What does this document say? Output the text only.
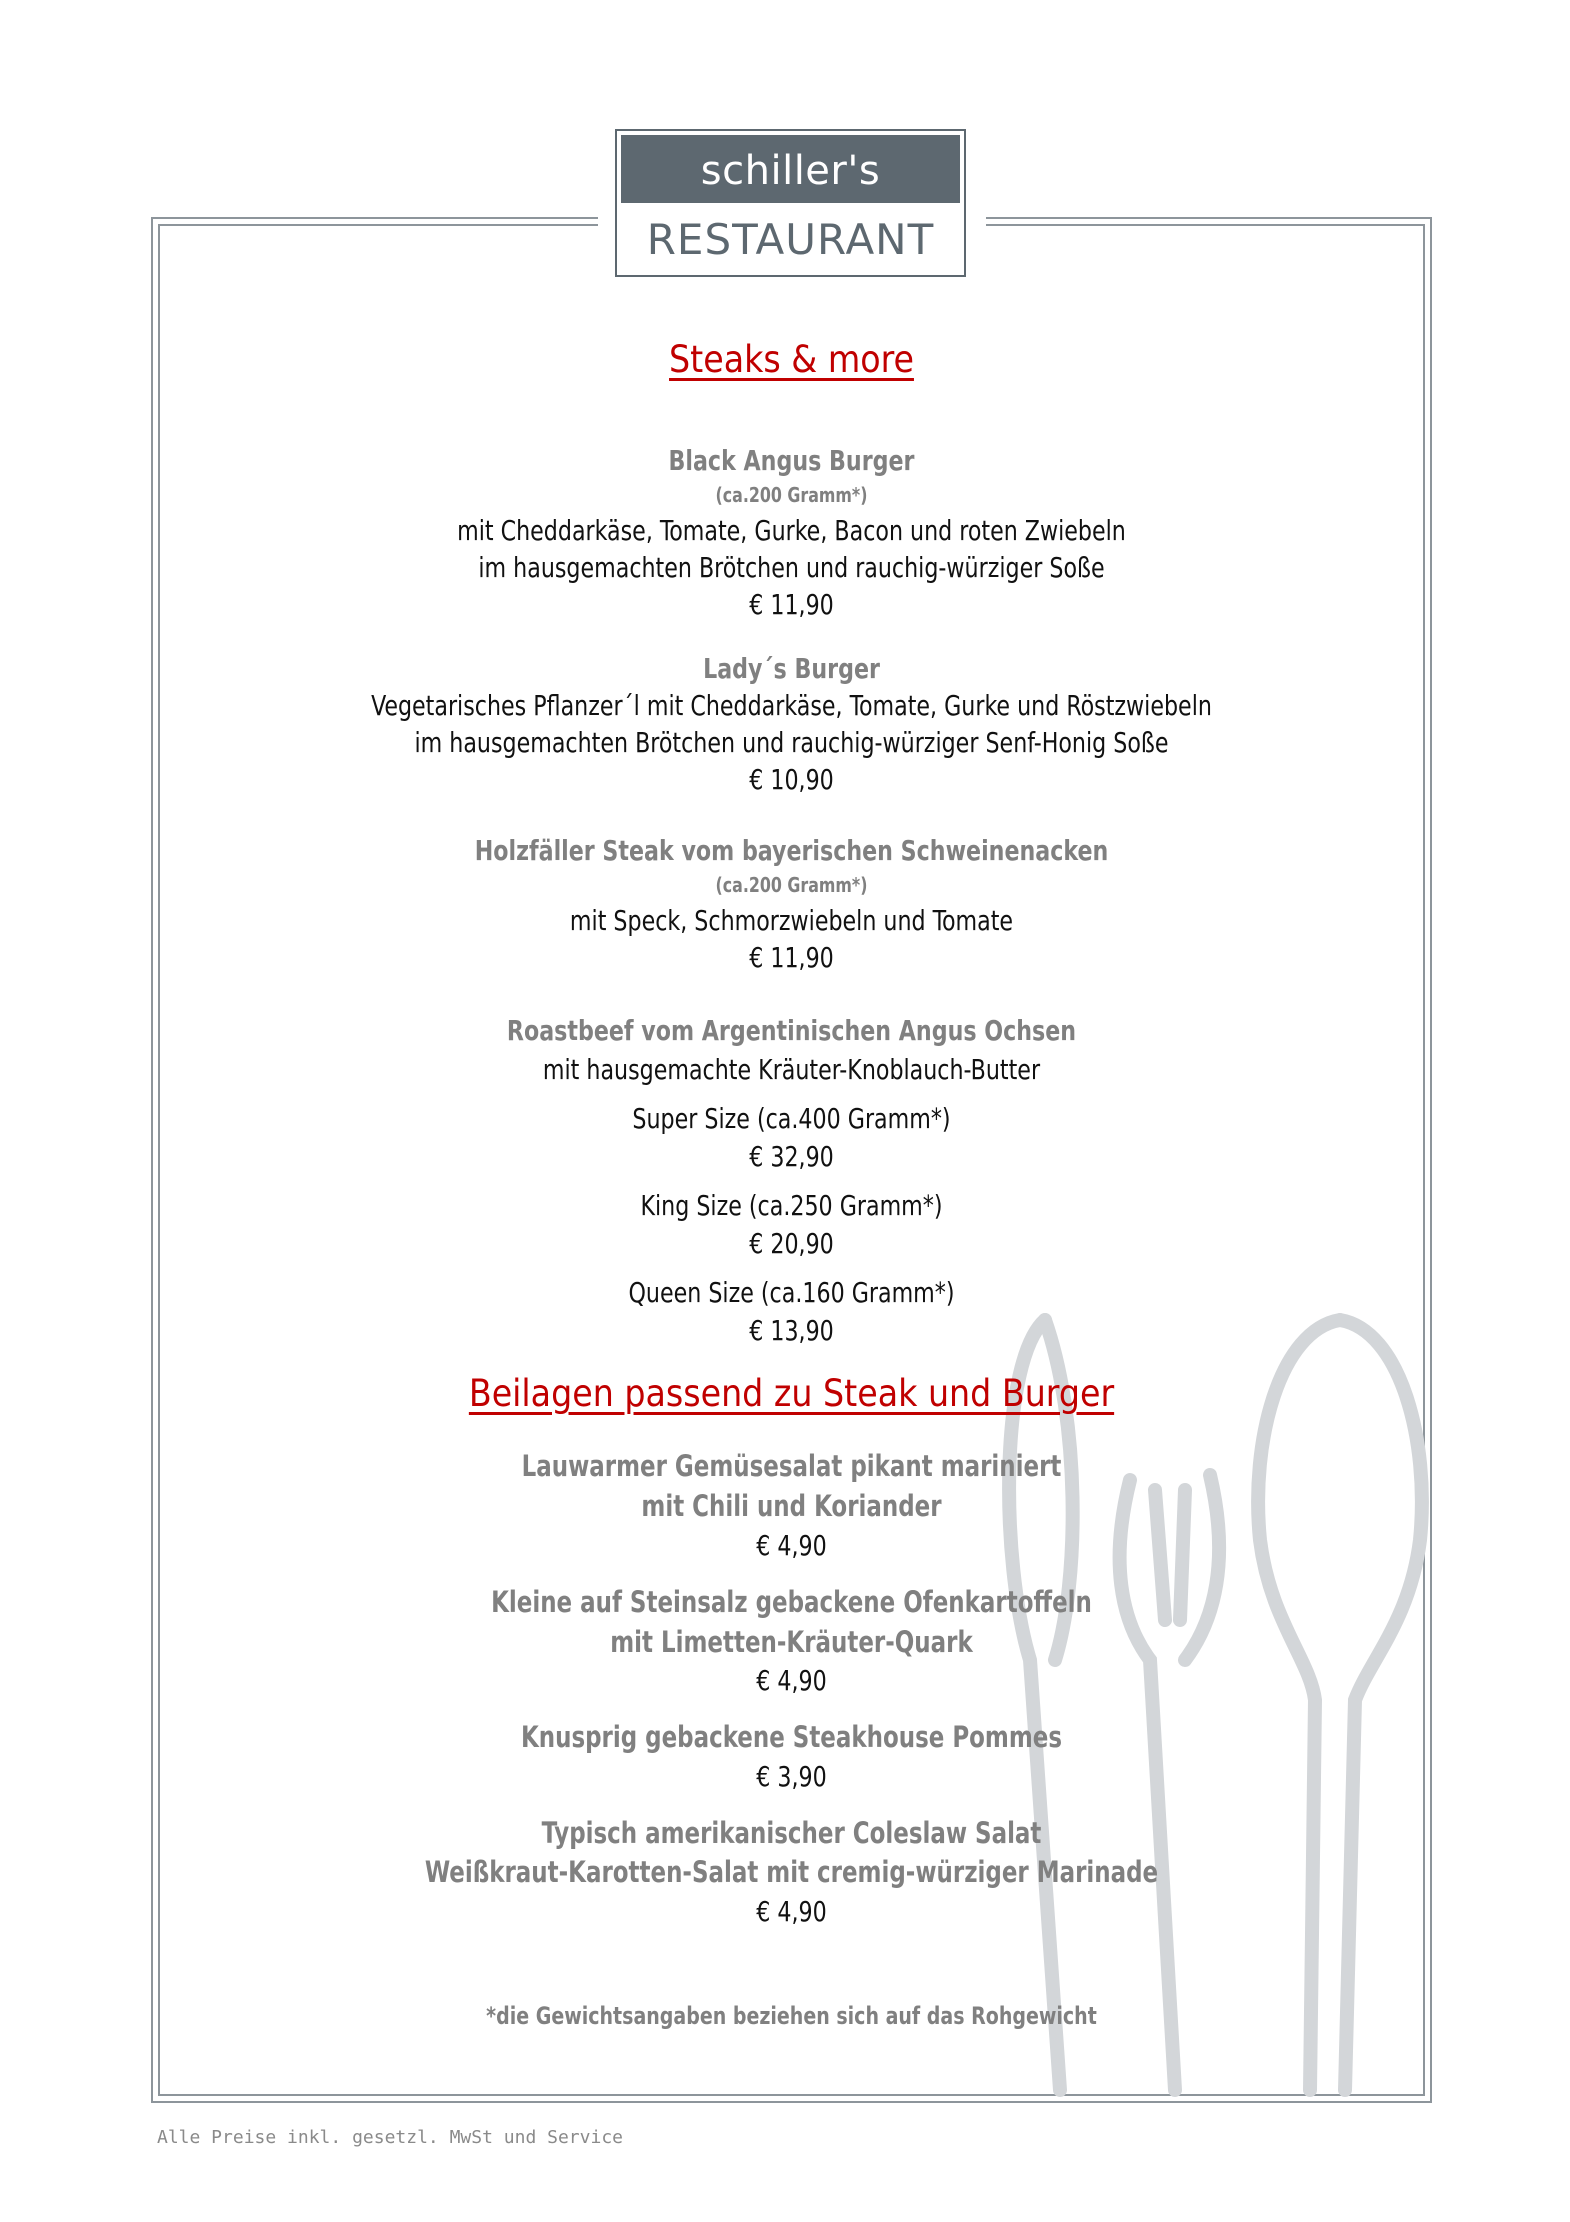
schiller's
RESTAURANT
Steaks & more
Black Angus Burger
(ca.200 Gramm*)
mit Cheddarkäse, Tomate, Gurke, Bacon und roten Zwiebeln
im hausgemachten Brötchen und rauchig-würziger Soße
€ 11,90
Lady´s Burger
Vegetarisches Pflanzer´l mit Cheddarkäse, Tomate, Gurke und Röstzwiebeln
im hausgemachten Brötchen und rauchig-würziger Senf-Honig Soße
€ 10,90
Holzfäller Steak vom bayerischen Schweinenacken
(ca.200 Gramm*)
mit Speck, Schmorzwiebeln und Tomate
€ 11,90
Roastbeef vom Argentinischen Angus Ochsen
mit hausgemachte Kräuter-Knoblauch-Butter
Super Size (ca.400 Gramm*)
€ 32,90
King Size (ca.250 Gramm*)
€ 20,90
Queen Size (ca.160 Gramm*)
€ 13,90
Beilagen passend zu Steak und Burger
Lauwarmer Gemüsesalat pikant mariniert
mit Chili und Koriander
€ 4,90
Kleine auf Steinsalz gebackene Ofenkartoffeln
mit Limetten-Kräuter-Quark
€ 4,90
Knusprig gebackene Steakhouse Pommes
€ 3,90
Typisch amerikanischer Coleslaw Salat
Weißkraut-Karotten-Salat mit cremig-würziger Marinade
€ 4,90
*die Gewichtsangaben beziehen sich auf das Rohgewicht
Alle Preise inkl. gesetzl. MwSt und Service
